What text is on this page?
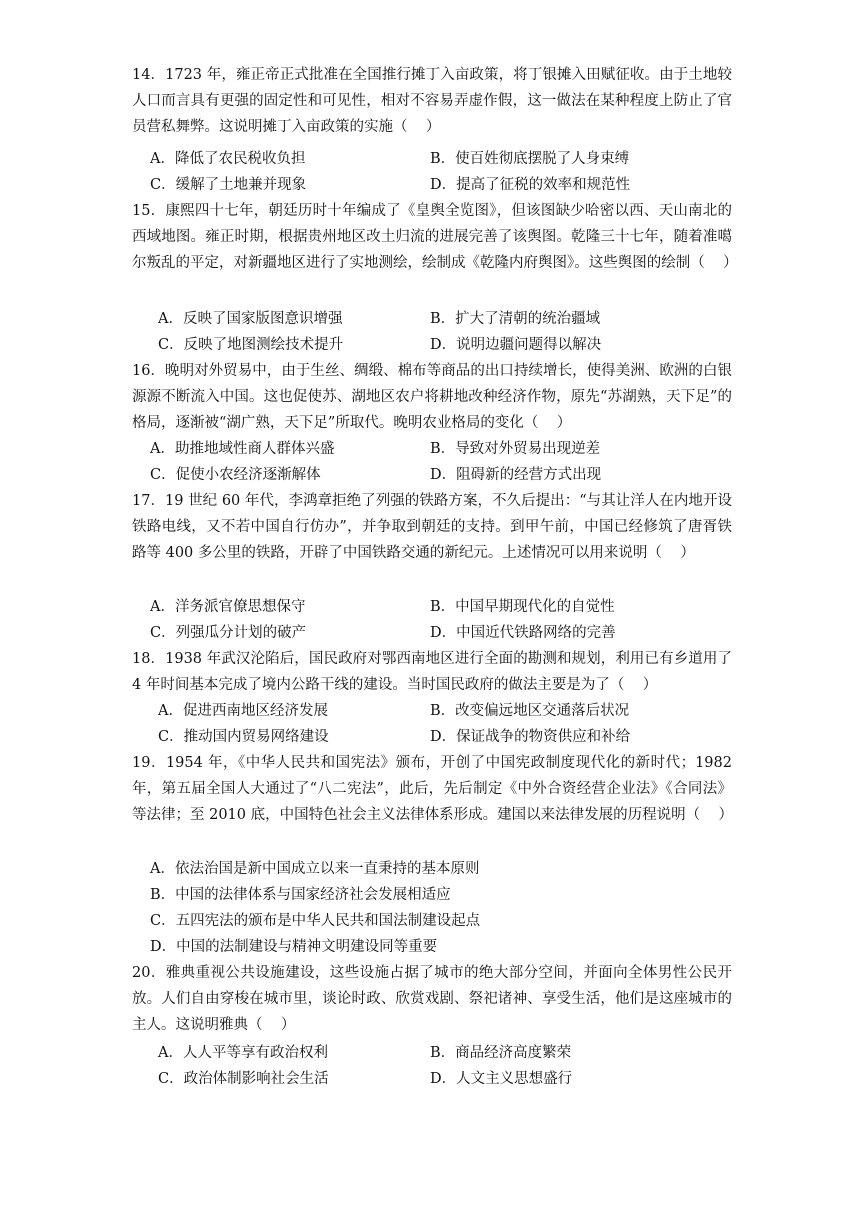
14．1723 年，雍正帝正式批准在全国推行摊丁入亩政策，将丁银摊入田赋征收。由于土地较人口而言具有更强的固定性和可见性，相对不容易弄虚作假，这一做法在某种程度上防止了官员营私舞弊。这说明摊丁入亩政策的实施（    ）
A．降低了农民税收负担	B．使百姓彻底摆脱了人身束缚
C．缓解了土地兼并现象	D．提高了征税的效率和规范性
15．康熙四十七年，朝廷历时十年编成了《皇舆全览图》，但该图缺少哈密以西、天山南北的西域地图。雍正时期，根据贵州地区改土归流的进展完善了该舆图。乾隆三十七年，随着准噶尔叛乱的平定，对新疆地区进行了实地测绘，绘制成《乾隆内府舆图》。这些舆图的绘制（    ）
A．反映了国家版图意识增强	B．扩大了清朝的统治疆域
C．反映了地图测绘技术提升	D．说明边疆问题得以解决
16．晚明对外贸易中，由于生丝、绸缎、棉布等商品的出口持续增长，使得美洲、欧洲的白银源源不断流入中国。这也促使苏、湖地区农户将耕地改种经济作物，原先“苏湖熟，天下足”的格局，逐渐被“湖广熟，天下足”所取代。晚明农业格局的变化（    ）
A．助推地域性商人群体兴盛	B．导致对外贸易出现逆差
C．促使小农经济逐渐解体	D．阻碍新的经营方式出现
17．19 世纪 60 年代，李鸿章拒绝了列强的铁路方案，不久后提出：“与其让洋人在内地开设铁路电线，又不若中国自行仿办”，并争取到朝廷的支持。到甲午前，中国已经修筑了唐胥铁路等 400 多公里的铁路，开辟了中国铁路交通的新纪元。上述情况可以用来说明（    ）
A．洋务派官僚思想保守	B．中国早期现代化的自觉性
C．列强瓜分计划的破产	D．中国近代铁路网络的完善
18．1938 年武汉沦陷后，国民政府对鄂西南地区进行全面的勘测和规划，利用已有乡道用了 4 年时间基本完成了境内公路干线的建设。当时国民政府的做法主要是为了（    ）
A．促进西南地区经济发展	B．改变偏远地区交通落后状况
C．推动国内贸易网络建设	D．保证战争的物资供应和补给
19．1954 年，《中华人民共和国宪法》颁布，开创了中国宪政制度现代化的新时代；1982 年，第五届全国人大通过了“八二宪法”，此后，先后制定《中外合资经营企业法》《合同法》等法律；至 2010 底，中国特色社会主义法律体系形成。建国以来法律发展的历程说明（    ）
A．依法治国是新中国成立以来一直秉持的基本原则
B．中国的法律体系与国家经济社会发展相适应
C．五四宪法的颁布是中华人民共和国法制建设起点
D．中国的法制建设与精神文明建设同等重要
20．雅典重视公共设施建设，这些设施占据了城市的绝大部分空间，并面向全体男性公民开放。人们自由穿梭在城市里，谈论时政、欣赏戏剧、祭祀诸神、享受生活，他们是这座城市的主人。这说明雅典（    ）
A．人人平等享有政治权利	B．商品经济高度繁荣
C．政治体制影响社会生活	D．人文主义思想盛行
